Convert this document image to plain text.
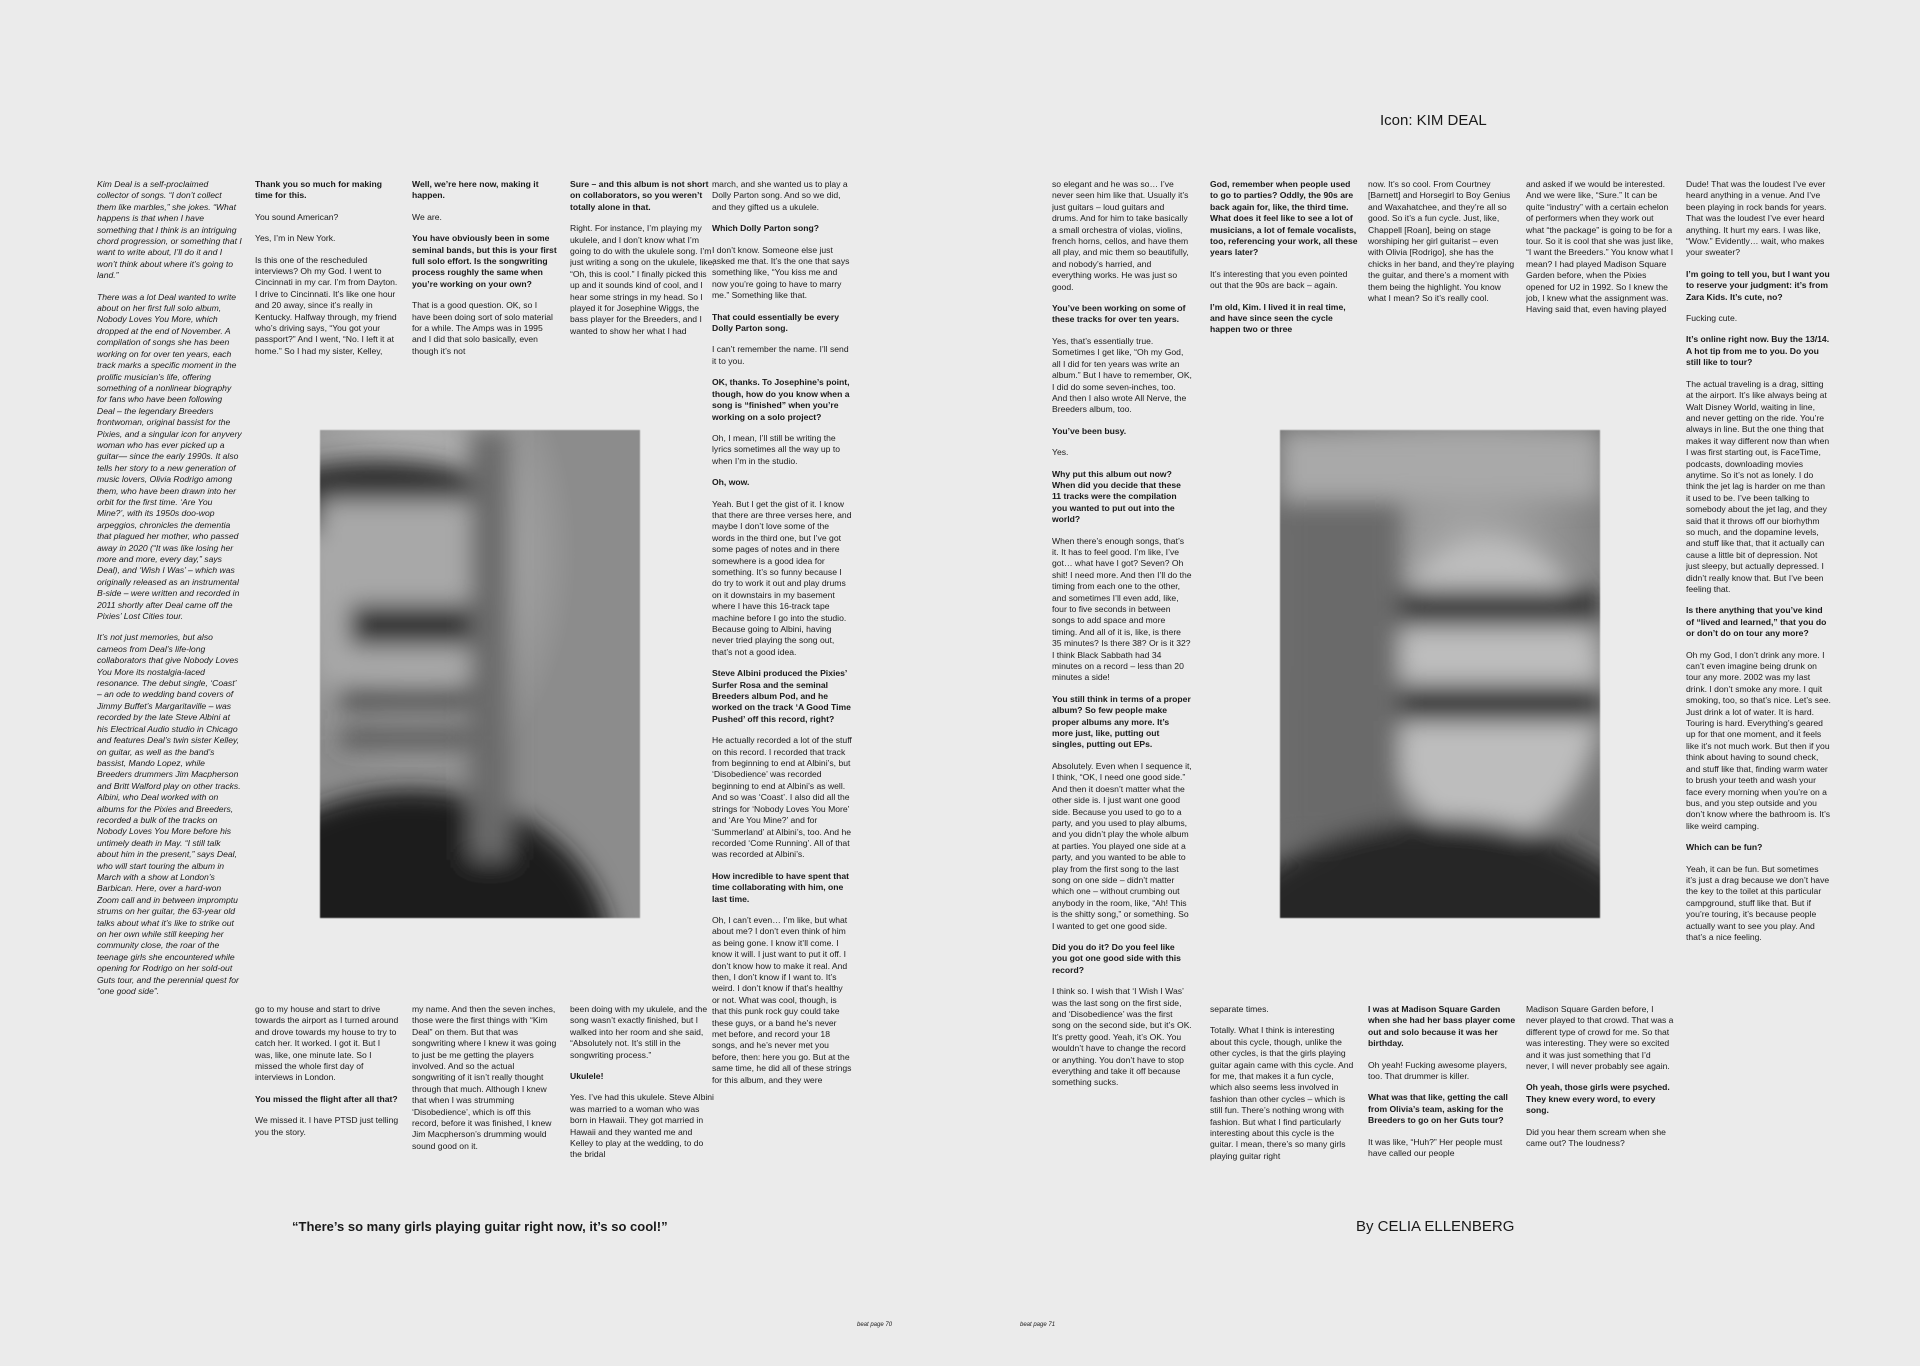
Kim Deal is a self-proclaimed collector of songs. “I don’t collect them like marbles,” she jokes. “What happens is that when I have something that I think is an intriguing chord progression, or something that I want to write about, I’ll do it and I won’t think about where it’s going to land.”

There was a lot Deal wanted to write about on her first full solo album, Nobody Loves You More, which dropped at the end of November. A compilation of songs she has been working on for over ten years, each track marks a specific moment in the prolific musician’s life, offering something of a nonlinear biography for fans who have been following Deal – the legendary Breeders frontwoman, original bassist for the Pixies, and a singular icon for anyvery woman who has ever picked up a guitar— since the early 1990s. It also tells her story to a new generation of music lovers, Olivia Rodrigo among them, who have been drawn into her orbit for the first time. ‘Are You Mine?’, with its 1950s doo-wop arpeggios, chronicles the dementia that plagued her mother, who passed away in 2020 (“It was like losing her more and more, every day,” says Deal), and ‘Wish I Was’ – which was originally released as an instrumental B-side – were written and recorded in 2011 shortly after Deal came off the Pixies’ Lost Cities tour.

It’s not just memories, but also cameos from Deal’s life-long collaborators that give Nobody Loves You More its nostalgia-laced resonance. The debut single, ‘Coast’ – an ode to wedding band covers of Jimmy Buffet’s Margaritaville – was recorded by the late Steve Albini at his Electrical Audio studio in Chicago and features Deal’s twin sister Kelley, on guitar, as well as the band’s bassist, Mando Lopez, while Breeders drummers Jim Macpherson and Britt Walford play on other tracks. Albini, who Deal worked with on albums for the Pixies and Breeders, recorded a bulk of the tracks on Nobody Loves You More before his untimely death in May. “I still talk about him in the present,” says Deal, who will start touring the album in March with a show at London’s Barbican. Here, over a hard-won Zoom call and in between impromptu strums on her guitar, the 63-year old talks about what it’s like to strike out on her own while still keeping her community close, the roar of the teenage girls she encountered while opening for Rodrigo on her sold-out Guts tour, and the perennial quest for “one good side”.

Thank you so much for making time for this.

You sound American?

Yes, I’m in New York.

Is this one of the rescheduled interviews? Oh my God. I went to Cincinnati in my car. I’m from Dayton. I drive to Cincinnati. It’s like one hour and 20 away, since it’s really in Kentucky. Halfway through, my friend who’s driving says, “You got your passport?” And I went, “No. I left it at home.” So I had my sister, Kelley,

Well, we’re here now, making it happen.

We are.

You have obviously been in some seminal bands, but this is your first full solo effort. Is the songwriting process roughly the same when you’re working on your own?

That is a good question. OK, so I have been doing sort of solo material for a while. The Amps was in 1995 and I did that solo basically, even though it’s not

Sure – and this album is not short on collaborators, so you weren’t totally alone in that.

Right. For instance, I’m playing my ukulele, and I don’t know what I’m going to do with the ukulele song. I’m just writing a song on the ukulele, like, “Oh, this is cool.” I finally picked this up and it sounds kind of cool, and I hear some strings in my head. So I played it for Josephine Wiggs, the bass player for the Breeders, and I wanted to show her what I had

march, and she wanted us to play a Dolly Parton song. And so we did, and they gifted us a ukulele.

Which Dolly Parton song?

I don’t know. Someone else just asked me that. It’s the one that says something like, “You kiss me and now you’re going to have to marry me.” Something like that.

That could essentially be every Dolly Parton song.

I can’t remember the name. I’ll send it to you.

OK, thanks. To Josephine’s point, though, how do you know when a song is “finished” when you’re working on a solo project?

Oh, I mean, I’ll still be writing the lyrics sometimes all the way up to when I’m in the studio.

Oh, wow.

Yeah. But I get the gist of it. I know that there are three verses here, and maybe I don’t love some of the words in the third one, but I’ve got some pages of notes and in there somewhere is a good idea for something. It’s so funny because I do try to work it out and play drums on it downstairs in my basement where I have this 16-track tape machine before I go into the studio. Because going to Albini, having never tried playing the song out, that’s not a good idea.

Steve Albini produced the Pixies’ Surfer Rosa and the seminal Breeders album Pod, and he worked on the track ‘A Good Time Pushed’ off this record, right?

He actually recorded a lot of the stuff on this record. I recorded that track from beginning to end at Albini’s, but ‘Disobedience’ was recorded beginning to end at Albini’s as well. And so was ‘Coast’. I also did all the strings for ‘Nobody Loves You More’ and ‘Are You Mine?’ and for ‘Summerland’ at Albini’s, too. And he recorded ‘Come Running’. All of that was recorded at Albini’s.

How incredible to have spent that time collaborating with him, one last time.

Oh, I can’t even… I’m like, but what about me? I don’t even think of him as being gone. I know it’ll come. I know it will. I just want to put it off. I don’t know how to make it real. And then, I don’t know if I want to. It’s weird. I don’t know if that’s healthy or not. What was cool, though, is that this punk rock guy could take these guys, or a band he’s never met before, and record your 18 songs, and he’s never met you before, then: here you go. But at the same time, he did all of these strings for this album, and they were

go to my house and start to drive towards the airport as I turned around and drove towards my house to try to catch her. It worked. I got it. But I was, like, one minute late. So I missed the whole first day of interviews in London.

You missed the flight after all that?

We missed it. I have PTSD just telling you the story.

my name. And then the seven inches, those were the first things with “Kim Deal” on them. But that was songwriting where I knew it was going to just be me getting the players involved. And so the actual songwriting of it isn’t really thought through that much. Although I knew that when I was strumming ‘Disobedience’, which is off this record, before it was finished, I knew Jim Macpherson’s drumming would sound good on it.

been doing with my ukulele, and the song wasn’t exactly finished, but I walked into her room and she said, “Absolutely not. It’s still in the songwriting process.”

Ukulele!

Yes. I’ve had this ukulele. Steve Albini was married to a woman who was born in Hawaii. They got married in Hawaii and they wanted me and Kelley to play at the wedding, to do the bridal

“There’s so many girls playing guitar right now, it’s so cool!”
beat page 70
Icon: KIM DEAL

so elegant and he was so… I’ve never seen him like that. Usually it’s just guitars – loud guitars and drums. And for him to take basically a small orchestra of violas, violins, french horns, cellos, and have them all play, and mic them so beautifully, and nobody’s harried, and everything works. He was just so good.

You’ve been working on some of these tracks for over ten years.

Yes, that’s essentially true. Sometimes I get like, “Oh my God, all I did for ten years was write an album.” But I have to remember, OK, I did do some seven-inches, too. And then I also wrote All Nerve, the Breeders album, too.

You’ve been busy.

Yes.

Why put this album out now? When did you decide that these 11 tracks were the compilation you wanted to put out into the world?

When there’s enough songs, that’s it. It has to feel good. I’m like, I’ve got… what have I got? Seven? Oh shit! I need more. And then I’ll do the timing from each one to the other, and sometimes I’ll even add, like, four to five seconds in between songs to add space and more timing. And all of it is, like, is there 35 minutes? Is there 38? Or is it 32? I think Black Sabbath had 34 minutes on a record – less than 20 minutes a side!

You still think in terms of a proper album? So few people make proper albums any more. It’s more just, like, putting out singles, putting out EPs.

Absolutely. Even when I sequence it, I think, “OK, I need one good side.” And then it doesn’t matter what the other side is. I just want one good side. Because you used to go to a party, and you used to play albums, and you didn’t play the whole album at parties. You played one side at a party, and you wanted to be able to play from the first song to the last song on one side – didn’t matter which one – without crumbing out anybody in the room, like, “Ah! This is the shitty song,” or something. So I wanted to get one good side.

Did you do it? Do you feel like you got one good side with this record?

I think so. I wish that ‘I Wish I Was’ was the last song on the first side, and ‘Disobedience’ was the first song on the second side, but it’s OK. It’s pretty good. Yeah, it’s OK. You wouldn’t have to change the record or anything. You don’t have to stop everything and take it off because something sucks.

God, remember when people used to go to parties? Oddly, the 90s are back again for, like, the third time. What does it feel like to see a lot of musicians, a lot of female vocalists, too, referencing your work, all these years later?

It’s interesting that you even pointed out that the 90s are back – again.

I’m old, Kim. I lived it in real time, and have since seen the cycle happen two or three

now. It’s so cool. From Courtney [Barnett] and Horsegirl to Boy Genius and Waxahatchee, and they’re all so good. So it’s a fun cycle. Just, like, Chappell [Roan], being on stage worshiping her girl guitarist – even with Olivia [Rodrigo], she has the chicks in her band, and they’re playing the guitar, and there’s a moment with them being the highlight. You know what I mean? So it’s really cool.

and asked if we would be interested. And we were like, “Sure.” It can be quite “industry” with a certain echelon of performers when they work out what “the package” is going to be for a tour. So it is cool that she was just like, “I want the Breeders.” You know what I mean? I had played Madison Square Garden before, when the Pixies opened for U2 in 1992. So I knew the job, I knew what the assignment was. Having said that, even having played

Dude! That was the loudest I’ve ever heard anything in a venue. And I’ve been playing in rock bands for years. That was the loudest I’ve ever heard anything. It hurt my ears. I was like, “Wow.” Evidently… wait, who makes your sweater?

I’m going to tell you, but I want you to reserve your judgment: it’s from Zara Kids. It’s cute, no?

Fucking cute.

It’s online right now. Buy the 13/14. A hot tip from me to you. Do you still like to tour?

The actual traveling is a drag, sitting at the airport. It’s like always being at Walt Disney World, waiting in line, and never getting on the ride. You’re always in line. But the one thing that makes it way different now than when I was first starting out, is FaceTime, podcasts, downloading movies anytime. So it’s not as lonely. I do think the jet lag is harder on me than it used to be. I’ve been talking to somebody about the jet lag, and they said that it throws off our biorhythm so much, and the dopamine levels, and stuff like that, that it actually can cause a little bit of depression. Not just sleepy, but actually depressed. I didn’t really know that. But I’ve been feeling that.

Is there anything that you’ve kind of “lived and learned,” that you do or don’t do on tour any more?

Oh my God, I don’t drink any more. I can’t even imagine being drunk on tour any more. 2002 was my last drink. I don’t smoke any more. I quit smoking, too, so that’s nice. Let’s see. Just drink a lot of water. It is hard. Touring is hard. Everything’s geared up for that one moment, and it feels like it’s not much work. But then if you think about having to sound check, and stuff like that, finding warm water to brush your teeth and wash your face every morning when you’re on a bus, and you step outside and you don’t know where the bathroom is. It’s like weird camping.

Which can be fun?

Yeah, it can be fun. But sometimes it’s just a drag because we don’t have the key to the toilet at this particular campground, stuff like that. But if you’re touring, it’s because people actually want to see you play. And that’s a nice feeling.

separate times.

Totally. What I think is interesting about this cycle, though, unlike the other cycles, is that the girls playing guitar again came with this cycle. And for me, that makes it a fun cycle, which also seems less involved in fashion than other cycles – which is still fun. There’s nothing wrong with fashion. But what I find particularly interesting about this cycle is the guitar. I mean, there’s so many girls playing guitar right

I was at Madison Square Garden when she had her bass player come out and solo because it was her birthday.

Oh yeah! Fucking awesome players, too. That drummer is killer.

What was that like, getting the call from Olivia’s team, asking for the Breeders to go on her Guts tour?

It was like, “Huh?” Her people must have called our people

Madison Square Garden before, I never played to that crowd. That was a different type of crowd for me. So that was interesting. They were so excited and it was just something that I’d never, I will never probably see again.

Oh yeah, those girls were psyched. They knew every word, to every song.

Did you hear them scream when she came out? The loudness?

By CELIA ELLENBERG
beat page 71
